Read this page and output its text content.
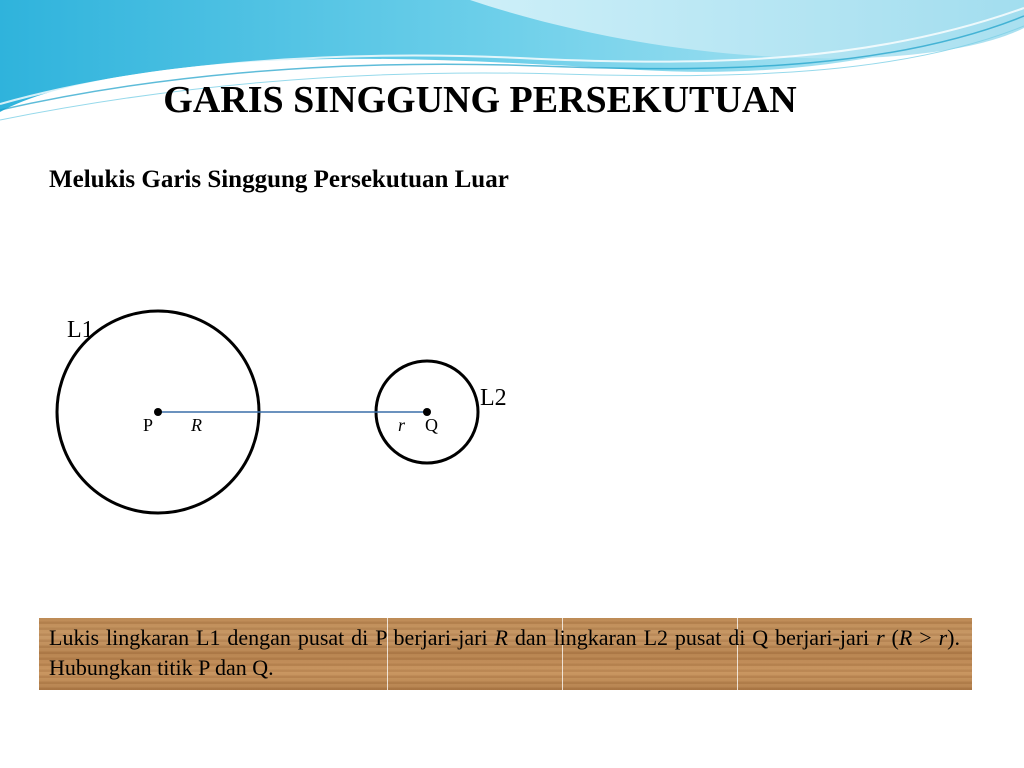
GARIS SINGGUNG PERSEKUTUAN
Melukis Garis Singgung Persekutuan Luar
L1
L2
P	Q
R	r

Lukis lingkaran L1 dengan pusat di P berjari-jari R dan lingkaran L2 pusat di Q berjari-jari r (R > r). Hubungkan titik P dan Q.
